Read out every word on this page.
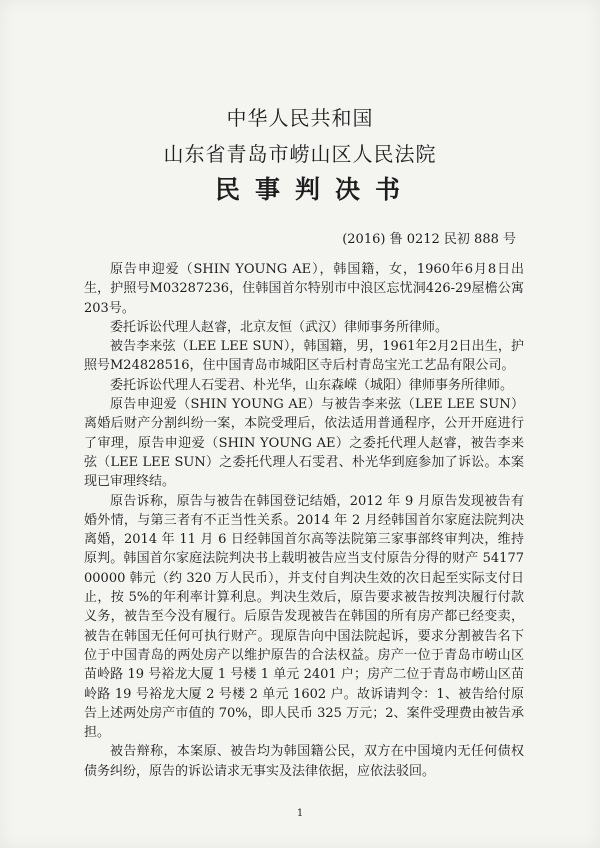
中华人民共和国
山东省青岛市崂山区人民法院
民事判决书
(2016) 鲁 0212 民初 888 号

原告申迎爱（SHIN YOUNG AE），韩国籍，女，1960年6月8日出生，护照号M03287236，住韩国首尔特别市中浪区忘忧洞426-29屋檐公寓203号。

委托诉讼代理人赵睿，北京友恒（武汉）律师事务所律师。

被告李来弦（LEE LEE SUN），韩国籍，男，1961年2月2日出生，护照号M24828516，住中国青岛市城阳区寺后村青岛宝光工艺品有限公司。

委托诉讼代理人石雯君、朴光华，山东森嵘（城阳）律师事务所律师。

原告申迎爱（SHIN YOUNG AE）与被告李来弦（LEE LEE SUN）离婚后财产分割纠纷一案，本院受理后，依法适用普通程序，公开开庭进行了审理，原告申迎爱（SHIN YOUNG AE）之委托代理人赵睿，被告李来弦（LEE LEE SUN）之委托代理人石雯君、朴光华到庭参加了诉讼。本案现已审理终结。

原告诉称，原告与被告在韩国登记结婚，2012 年 9 月原告发现被告有婚外情，与第三者有不正当性关系。2014 年 2 月经韩国首尔家庭法院判决离婚，2014 年 11 月 6 日经韩国首尔高等法院第三家事部终审判决，维持原判。韩国首尔家庭法院判决书上载明被告应当支付原告分得的财产 5417700000 韩元（约 320 万人民币），并支付自判决生效的次日起至实际支付日止，按 5%的年利率计算利息。判决生效后，原告要求被告按判决履行付款义务，被告至今没有履行。后原告发现被告在韩国的所有房产都已经变卖，被告在韩国无任何可执行财产。现原告向中国法院起诉，要求分割被告名下位于中国青岛的两处房产以维护原告的合法权益。房产一位于青岛市崂山区苗岭路 19 号裕龙大厦 1 号楼 1 单元 2401 户；房产二位于青岛市崂山区苗岭路 19 号裕龙大厦 2 号楼 2 单元 1602 户。故诉请判令：1、被告给付原告上述两处房产市值的 70%，即人民币 325 万元；2、案件受理费由被告承担。

被告辩称，本案原、被告均为韩国籍公民，双方在中国境内无任何债权债务纠纷，原告的诉讼请求无事实及法律依据，应依法驳回。

1
